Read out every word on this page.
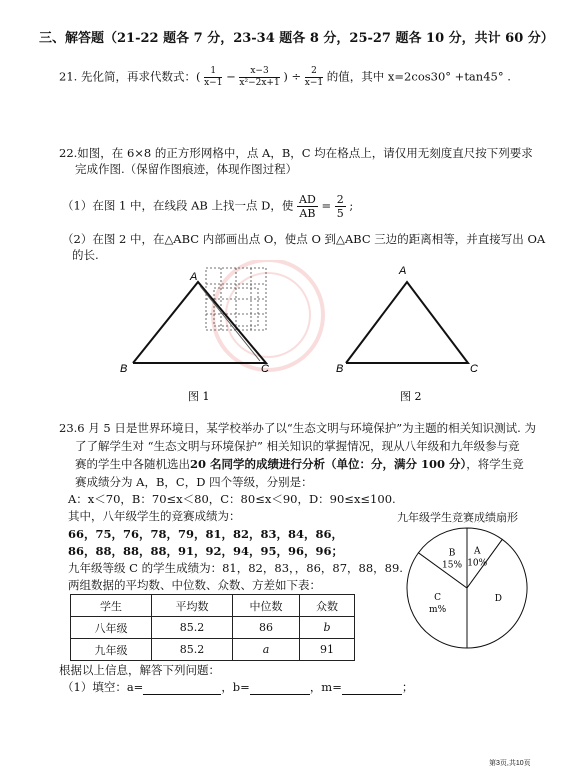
三、解答题（21-22 题各 7 分，23-34 题各 8 分，25-27 题各 10 分，共计 60 分）
21. 先化简，再求代数式：( $\frac{1}{x-1} - \frac{x-3}{\text{x²−2x+1}}$ ) ÷ $\frac{2}{x-1}$ 的值，其中 x=2cos30° +tan45° .
22.如图，在 6×8 的正方形网格中，点 A，B，C 均在格点上，请仅用无刻度直尺按下列要求
完成作图.（保留作图痕迹，体现作图过程）
（1）在图 1 中，在线段 AB 上找一点 D，使 $\frac{AD}{AB} = \frac{2}{5}$ ;
（2）在图 2 中，在△ABC 内部画出点 O，使点 O 到△ABC 三边的距离相等，并直接写出 OA
的长.
A
B	C
图 1
A
B	C
图 2
23.6 月 5 日是世界环境日，某学校举办了以“生态文明与环境保护”为主题的相关知识测试. 为
了了解学生对 “生态文明与环境保护” 相关知识的掌握情况，现从八年级和九年级参与竞
赛的学生中各随机选出20 名同学的成绩进行分析（单位：分，满分 100 分），将学生竞
赛成绩分为 A，B，C，D 四个等级，分别是：
A：x＜70，B：70≤x＜80，C：80≤x＜90，D：90≤x≤100.
其中，八年级学生的竞赛成绩为：
66，75，76，78，79，81，82，83，84，86，
86，88，88，88，91，92，94，95，96，96；
九年级等级 C 的学生成绩为：81，82，83，，86，87，88，89.
两组数据的平均数、中位数、众数、方差如下表：
九年级学生竞赛成绩扇形
A
10%
D
C
m%
B
15%
学生	平均数	中位数	众数
八年级	85.2	86	b
九年级	85.2	a	91
根据以上信息，解答下列问题：
（1）填空：a=	，b=	，m=	；
第3页,共10页
